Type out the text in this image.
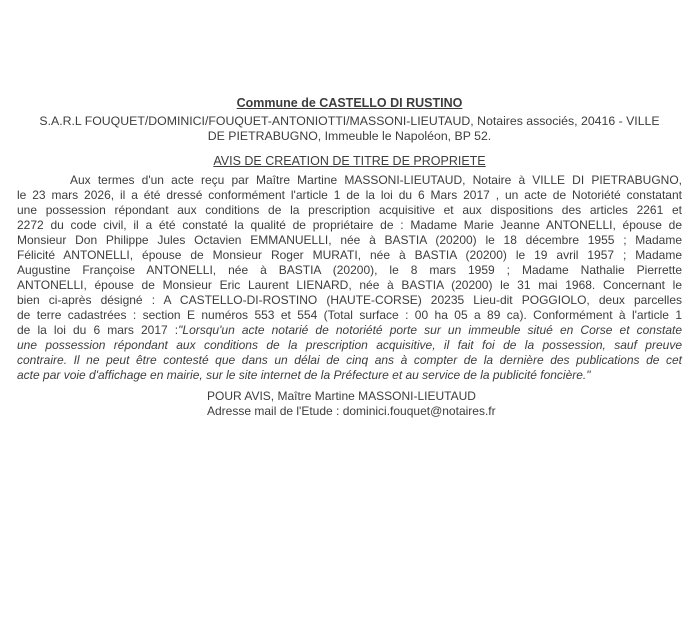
Commune de CASTELLO DI RUSTINO
S.A.R.L FOUQUET/DOMINICI/FOUQUET-ANTONIOTTI/MASSONI-LIEUTAUD, Notaires associés, 20416 - VILLE
DE PIETRABUGNO, Immeuble le Napoléon, BP 52.
AVIS DE CREATION DE TITRE DE PROPRIETE
Aux termes d'un acte reçu par Maître Martine MASSONI-LIEUTAUD, Notaire à VILLE DI PIETRABUGNO,
le 23 mars 2026, il a été dressé conformément l'article 1 de la loi du 6 Mars 2017 , un acte de Notoriété constatant
une possession répondant aux conditions de la prescription acquisitive et aux dispositions des articles 2261 et
2272 du code civil, il a été constaté la qualité de propriétaire de : Madame Marie Jeanne ANTONELLI, épouse de
Monsieur Don Philippe Jules Octavien EMMANUELLI, née à BASTIA (20200) le 18 décembre 1955 ; Madame
Félicité ANTONELLI, épouse de Monsieur Roger MURATI, née à BASTIA (20200) le 19 avril 1957 ; Madame
Augustine Françoise ANTONELLI, née à BASTIA (20200), le 8 mars 1959 ; Madame Nathalie Pierrette
ANTONELLI, épouse de Monsieur Eric Laurent LIENARD, née à BASTIA (20200) le 31 mai 1968. Concernant le
bien ci-après désigné : A CASTELLO-DI-ROSTINO (HAUTE-CORSE) 20235 Lieu-dit POGGIOLO, deux parcelles
de terre cadastrées : section E numéros 553 et 554 (Total surface : 00 ha 05 a 89 ca). Conformément à l'article 1
de la loi du 6 mars 2017 :"Lorsqu'un acte notarié de notoriété porte sur un immeuble situé en Corse et constate
une possession répondant aux conditions de la prescription acquisitive, il fait foi de la possession, sauf preuve
contraire. Il ne peut être contesté que dans un délai de cinq ans à compter de la dernière des publications de cet
acte par voie d'affichage en mairie, sur le site internet de la Préfecture et au service de la publicité foncière."
POUR AVIS, Maître Martine MASSONI-LIEUTAUD
Adresse mail de l'Etude : dominici.fouquet@notaires.fr
